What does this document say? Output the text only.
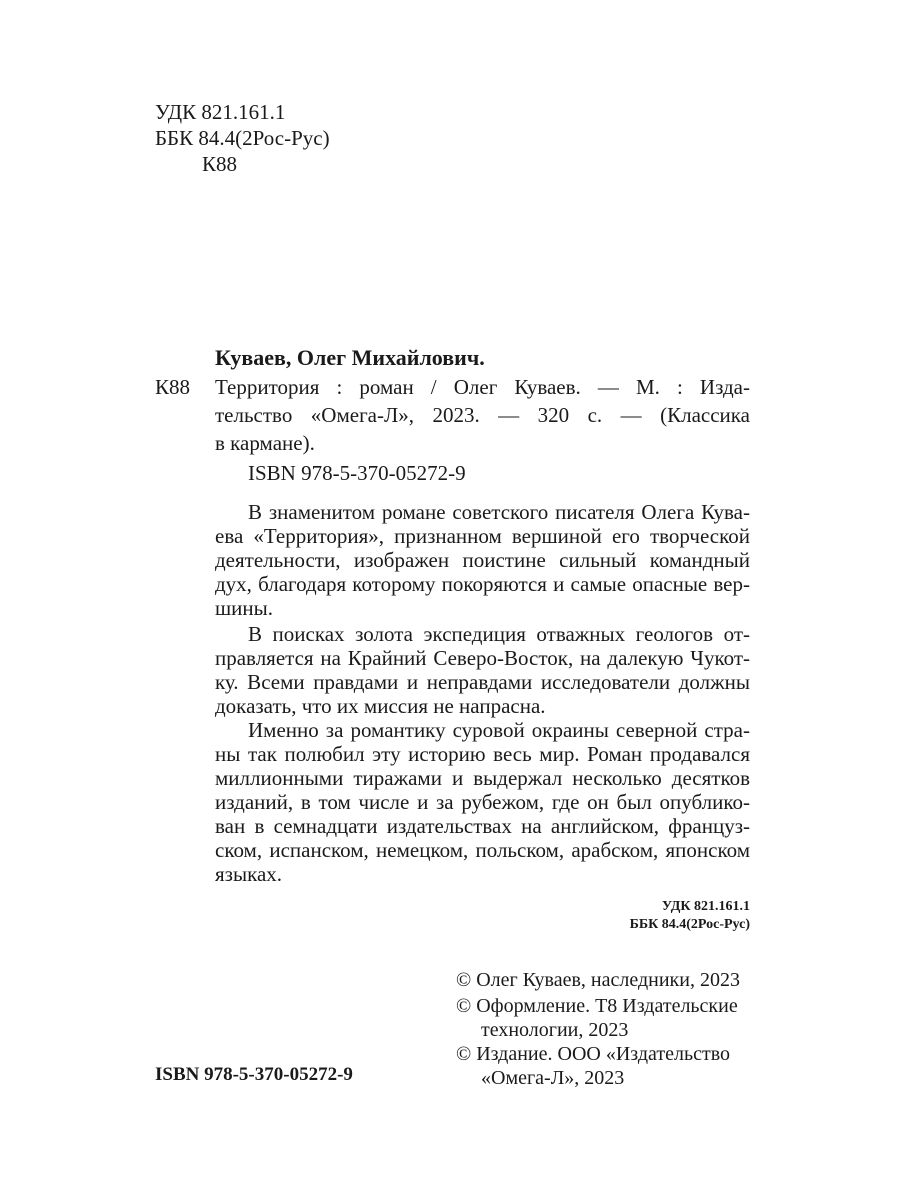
УДК 821.161.1
ББК 84.4(2Рос-Рус)
К88
Куваев, Олег Михайлович.
К88 Территория : роман / Олег Куваев. — М. : Изда-
тельство «Омега-Л», 2023. — 320 с. — (Классика
в кармане).
ISBN 978-5-370-05272-9
В знаменитом романе советского писателя Олега Кува-
ева «Территория», признанном вершиной его творческой
деятельности, изображен поистине сильный командный
дух, благодаря которому покоряются и самые опасные вер-
шины.
В поисках золота экспедиция отважных геологов от-
правляется на Крайний Северо-Восток, на далекую Чукот-
ку. Всеми правдами и неправдами исследователи должны
доказать, что их миссия не напрасна.
Именно за романтику суровой окраины северной стра-
ны так полюбил эту историю весь мир. Роман продавался
миллионными тиражами и выдержал несколько десятков
изданий, в том числе и за рубежом, где он был опублико-
ван в семнадцати издательствах на английском, француз-
ском, испанском, немецком, польском, арабском, японском
языках.
УДК 821.161.1
ББК 84.4(2Рос-Рус)
© Олег Куваев, наследники, 2023
© Оформление. Т8 Издательские
технологии, 2023
© Издание. ООО «Издательство
«Омега-Л», 2023
ISBN 978-5-370-05272-9
